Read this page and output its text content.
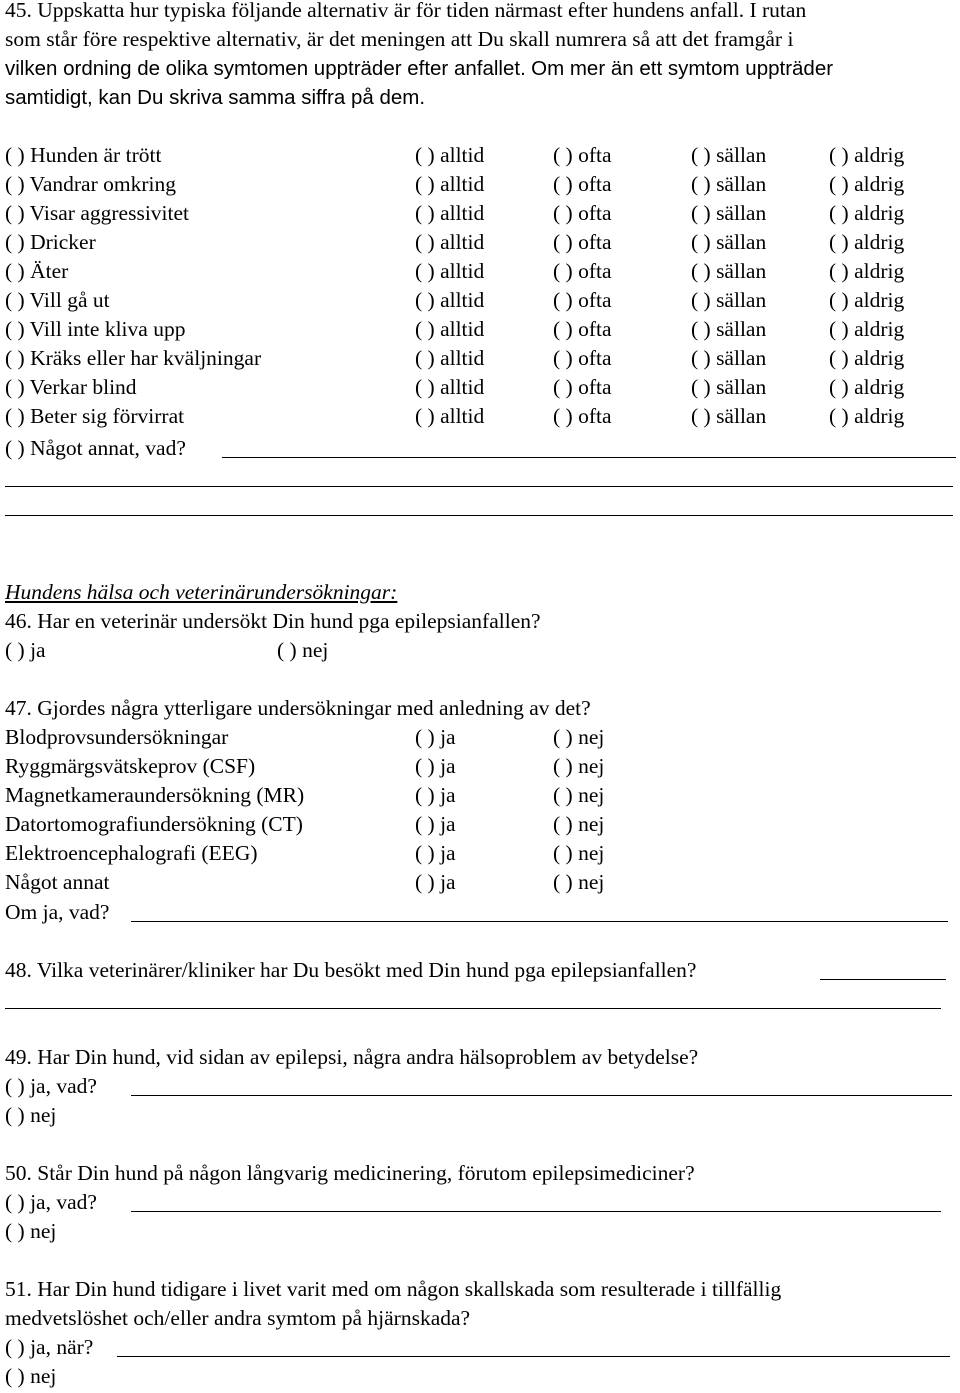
45. Uppskatta hur typiska följande alternativ är för tiden närmast efter hundens anfall. I rutan
som står före respektive alternativ, är det meningen att Du skall numrera så att det framgår i
vilken ordning de olika symtomen uppträder efter anfallet. Om mer än ett symtom uppträder
samtidigt, kan Du skriva samma siffra på dem.
( ) Hunden är trött	( ) alltid	( ) ofta	( ) sällan	( ) aldrig
( ) Vandrar omkring	( ) alltid	( ) ofta	( ) sällan	( ) aldrig
( ) Visar aggressivitet	( ) alltid	( ) ofta	( ) sällan	( ) aldrig
( ) Dricker	( ) alltid	( ) ofta	( ) sällan	( ) aldrig
( ) Äter	( ) alltid	( ) ofta	( ) sällan	( ) aldrig
( ) Vill gå ut	( ) alltid	( ) ofta	( ) sällan	( ) aldrig
( ) Vill inte kliva upp	( ) alltid	( ) ofta	( ) sällan	( ) aldrig
( ) Kräks eller har kväljningar	( ) alltid	( ) ofta	( ) sällan	( ) aldrig
( ) Verkar blind	( ) alltid	( ) ofta	( ) sällan	( ) aldrig
( ) Beter sig förvirrat	( ) alltid	( ) ofta	( ) sällan	( ) aldrig
( ) Något annat, vad?
Hundens hälsa och veterinärundersökningar:
46. Har en veterinär undersökt Din hund pga epilepsianfallen?
( ) ja	( ) nej
47. Gjordes några ytterligare undersökningar med anledning av det?
Blodprovsundersökningar	( ) ja	( ) nej
Ryggmärgsvätskeprov (CSF)	( ) ja	( ) nej
Magnetkameraundersökning (MR)	( ) ja	( ) nej
Datortomografiundersökning (CT)	( ) ja	( ) nej
Elektroencephalografi (EEG)	( ) ja	( ) nej
Något annat	( ) ja	( ) nej
Om ja, vad?
48. Vilka veterinärer/kliniker har Du besökt med Din hund pga epilepsianfallen?
49. Har Din hund, vid sidan av epilepsi, några andra hälsoproblem av betydelse?
( ) ja, vad?
( ) nej
50. Står Din hund på någon långvarig medicinering, förutom epilepsimediciner?
( ) ja, vad?
( ) nej
51. Har Din hund tidigare i livet varit med om någon skallskada som resulterade i tillfällig
medvetslöshet och/eller andra symtom på hjärnskada?
( ) ja, när?
( ) nej
